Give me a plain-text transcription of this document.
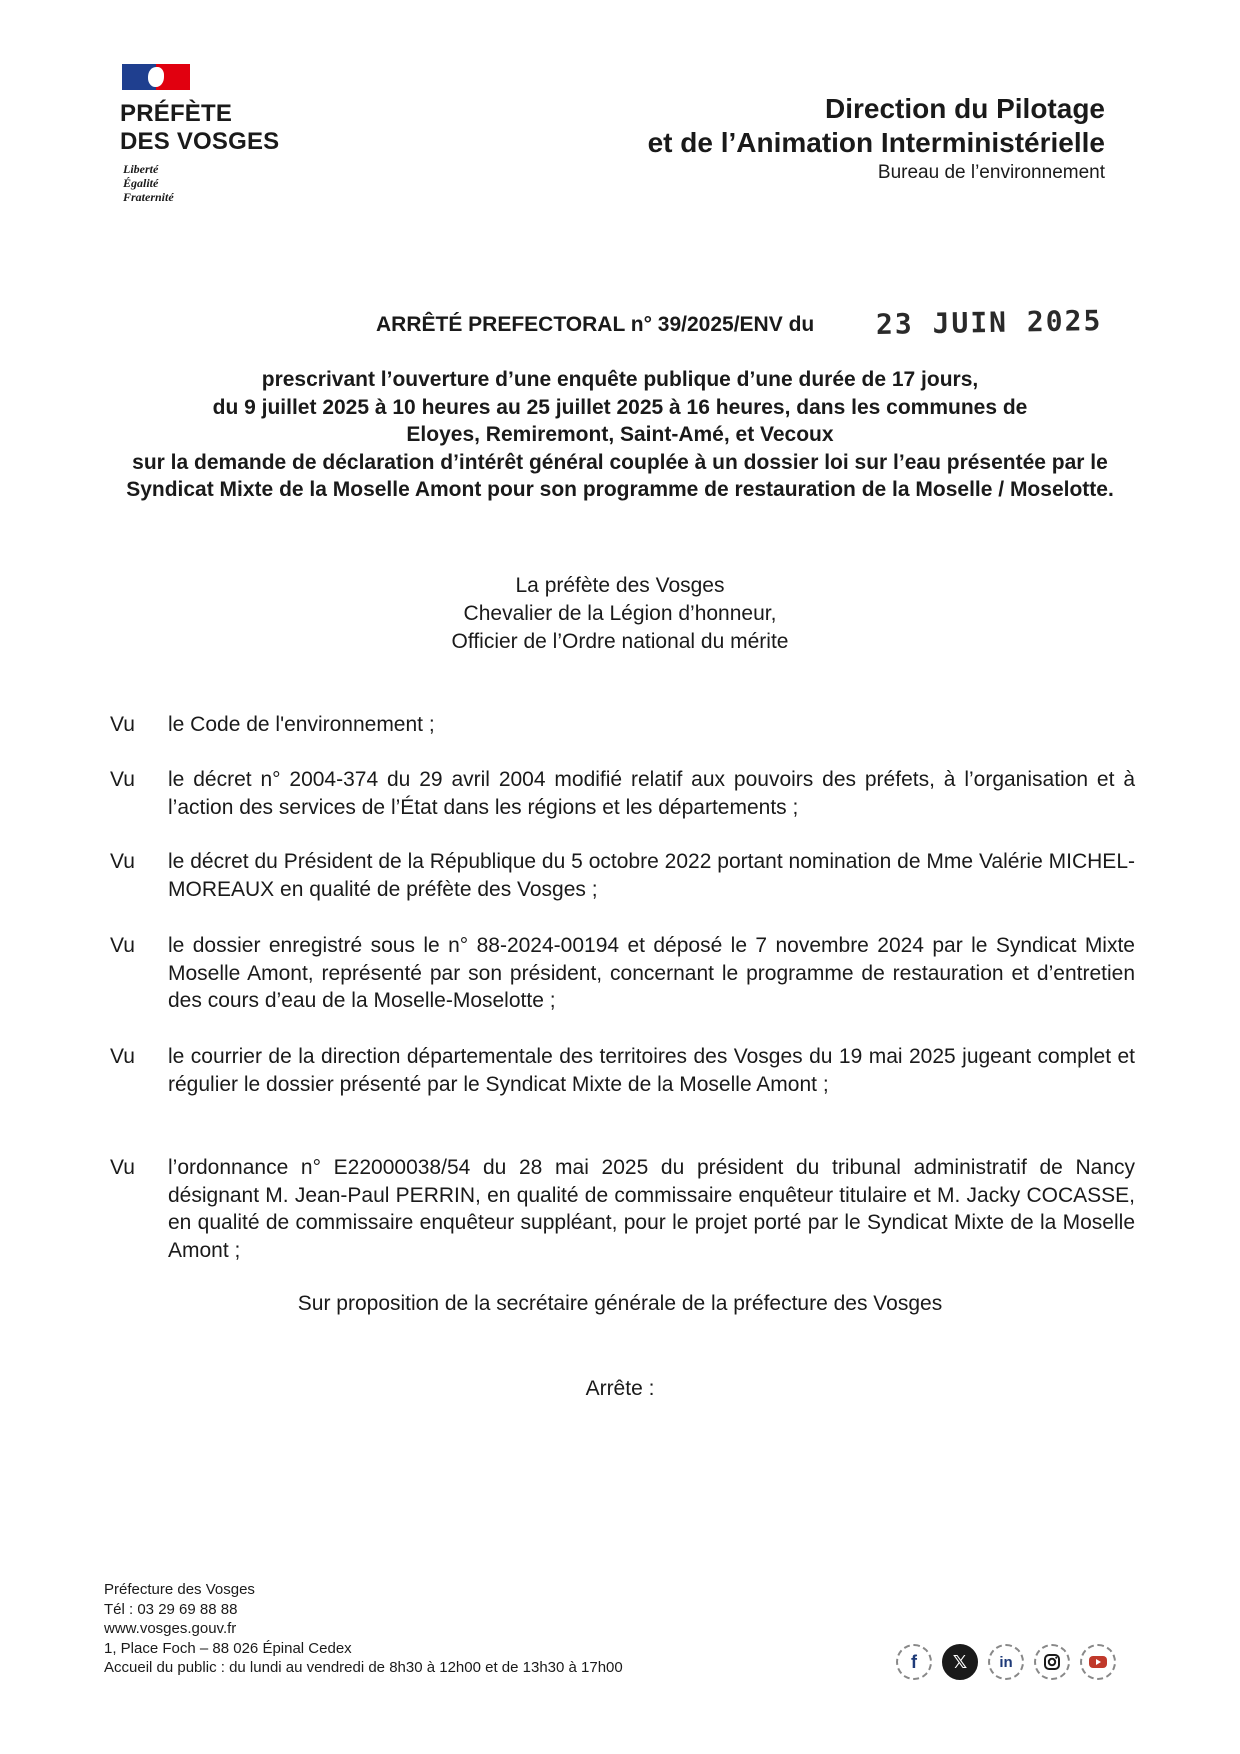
PRÉFÈTE
DES VOSGES
Liberté
Égalité
Fraternité
Direction du Pilotage
et de l’Animation Interministérielle
Bureau de l’environnement
ARRÊTÉ PREFECTORAL n° 39/2025/ENV du 23 JUIN 2025
prescrivant l’ouverture d’une enquête publique d’une durée de 17 jours,
du 9 juillet 2025 à 10 heures au 25 juillet 2025 à 16 heures, dans les communes de
Eloyes, Remiremont, Saint-Amé, et Vecoux
sur la demande de déclaration d’intérêt général couplée à un dossier loi sur l’eau présentée par le
Syndicat Mixte de la Moselle Amont pour son programme de restauration de la Moselle / Moselotte.
La préfète des Vosges
Chevalier de la Légion d’honneur,
Officier de l’Ordre national du mérite
Vu le Code de l'environnement ;
Vu le décret n° 2004-374 du 29 avril 2004 modifié relatif aux pouvoirs des préfets, à l’organisation et à l’action des services de l’État dans les régions et les départements ;
Vu le décret du Président de la République du 5 octobre 2022 portant nomination de Mme Valérie MICHEL-MOREAUX en qualité de préfète des Vosges ;
Vu le dossier enregistré sous le n° 88-2024-00194 et déposé le 7 novembre 2024 par le Syndicat Mixte Moselle Amont, représenté par son président, concernant le programme de restauration et d’entretien des cours d’eau de la Moselle-Moselotte ;
Vu le courrier de la direction départementale des territoires des Vosges du 19 mai 2025 jugeant complet et régulier le dossier présenté par le Syndicat Mixte de la Moselle Amont ;
Vu l’ordonnance n° E22000038/54 du 28 mai 2025 du président du tribunal administratif de Nancy désignant M. Jean-Paul PERRIN, en qualité de commissaire enquêteur titulaire et M. Jacky COCASSE, en qualité de commissaire enquêteur suppléant, pour le projet porté par le Syndicat Mixte de la Moselle Amont ;
Sur proposition de la secrétaire générale de la préfecture des Vosges
Arrête :
Préfecture des Vosges
Tél : 03 29 69 88 88
www.vosges.gouv.fr
1, Place Foch – 88 026 Épinal Cedex
Accueil du public : du lundi au vendredi de 8h30 à 12h00 et de 13h30 à 17h00	f	𝕏	in
